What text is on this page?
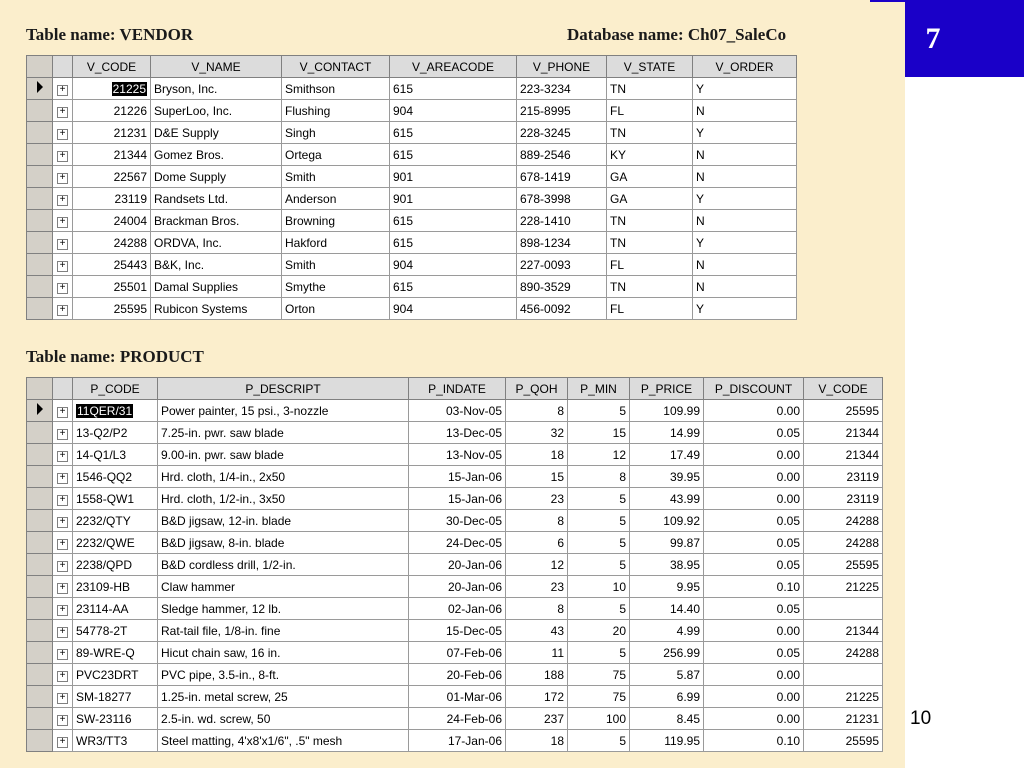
7
10
Table name: VENDOR	Database name: Ch07_SaleCo
		V_CODE	V_NAME	V_CONTACT	V_AREACODE	V_PHONE	V_STATE	V_ORDER
	+	21225	Bryson, Inc.	Smithson	615	223-3234	TN	Y
	+	21226	SuperLoo, Inc.	Flushing	904	215-8995	FL	N
	+	21231	D&E Supply	Singh	615	228-3245	TN	Y
	+	21344	Gomez Bros.	Ortega	615	889-2546	KY	N
	+	22567	Dome Supply	Smith	901	678-1419	GA	N
	+	23119	Randsets Ltd.	Anderson	901	678-3998	GA	Y
	+	24004	Brackman Bros.	Browning	615	228-1410	TN	N
	+	24288	ORDVA, Inc.	Hakford	615	898-1234	TN	Y
	+	25443	B&K, Inc.	Smith	904	227-0093	FL	N
	+	25501	Damal Supplies	Smythe	615	890-3529	TN	N
	+	25595	Rubicon Systems	Orton	904	456-0092	FL	Y
Table name: PRODUCT
		P_CODE	P_DESCRIPT	P_INDATE	P_QOH	P_MIN	P_PRICE	P_DISCOUNT	V_CODE
	+	11QER/31	Power painter, 15 psi., 3-nozzle	03-Nov-05	8	5	109.99	0.00	25595
	+	13-Q2/P2	7.25-in. pwr. saw blade	13-Dec-05	32	15	14.99	0.05	21344
	+	14-Q1/L3	9.00-in. pwr. saw blade	13-Nov-05	18	12	17.49	0.00	21344
	+	1546-QQ2	Hrd. cloth, 1/4-in., 2x50	15-Jan-06	15	8	39.95	0.00	23119
	+	1558-QW1	Hrd. cloth, 1/2-in., 3x50	15-Jan-06	23	5	43.99	0.00	23119
	+	2232/QTY	B&D jigsaw, 12-in. blade	30-Dec-05	8	5	109.92	0.05	24288
	+	2232/QWE	B&D jigsaw, 8-in. blade	24-Dec-05	6	5	99.87	0.05	24288
	+	2238/QPD	B&D cordless drill, 1/2-in.	20-Jan-06	12	5	38.95	0.05	25595
	+	23109-HB	Claw hammer	20-Jan-06	23	10	9.95	0.10	21225
	+	23114-AA	Sledge hammer, 12 lb.	02-Jan-06	8	5	14.40	0.05	
	+	54778-2T	Rat-tail file, 1/8-in. fine	15-Dec-05	43	20	4.99	0.00	21344
	+	89-WRE-Q	Hicut chain saw, 16 in.	07-Feb-06	11	5	256.99	0.05	24288
	+	PVC23DRT	PVC pipe, 3.5-in., 8-ft.	20-Feb-06	188	75	5.87	0.00	
	+	SM-18277	1.25-in. metal screw, 25	01-Mar-06	172	75	6.99	0.00	21225
	+	SW-23116	2.5-in. wd. screw, 50	24-Feb-06	237	100	8.45	0.00	21231
	+	WR3/TT3	Steel matting, 4'x8'x1/6", .5" mesh	17-Jan-06	18	5	119.95	0.10	25595
